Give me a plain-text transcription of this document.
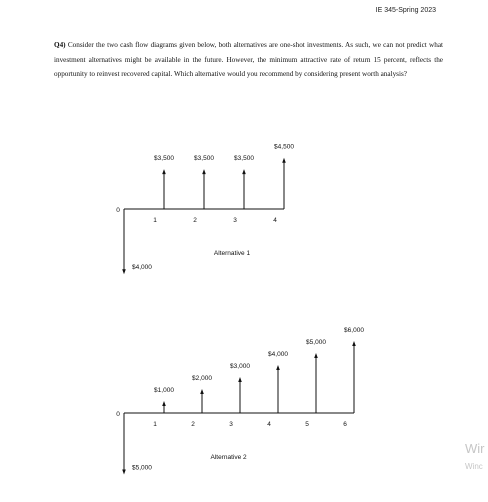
IE 345-Spring 2023
Q4) Consider the two cash flow diagrams given below, both alternatives are one-shot investments. As such, we can not predict what investment alternatives might be available in the future. However, the minimum attractive rate of return 15 percent, reflects the opportunity to reinvest recovered capital. Which alternative would you recommend by considering present worth analysis?
0
$4,000
$3,500
1
$3,500
2
$3,500
3
$4,500
4
Alternative 1
0
$5,000
$1,000
1
$2,000
2
$3,000
3
$4,000
4
$5,000
5
$6,000
6
Alternative 2
Wir
Winc
